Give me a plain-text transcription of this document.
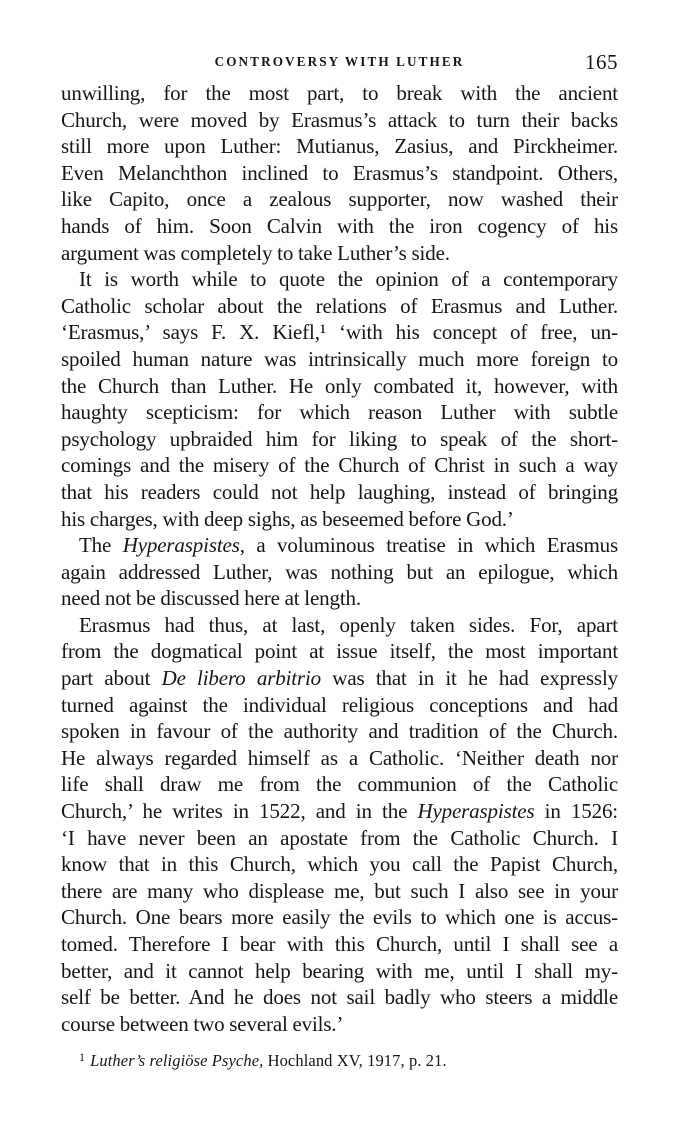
CONTROVERSY WITH LUTHER	165
unwilling, for the most part, to break with the ancient
Church, were moved by Erasmus’s attack to turn their backs
still more upon Luther: Mutianus, Zasius, and Pirckheimer.
Even Melanchthon inclined to Erasmus’s standpoint. Others,
like Capito, once a zealous supporter, now washed their
hands of him. Soon Calvin with the iron cogency of his
argument was completely to take Luther’s side.
It is worth while to quote the opinion of a contemporary
Catholic scholar about the relations of Erasmus and Luther.
‘Erasmus,’ says F. X. Kiefl,¹ ‘with his concept of free, un-
spoiled human nature was intrinsically much more foreign to
the Church than Luther. He only combated it, however, with
haughty scepticism: for which reason Luther with subtle
psychology upbraided him for liking to speak of the short-
comings and the misery of the Church of Christ in such a way
that his readers could not help laughing, instead of bringing
his charges, with deep sighs, as beseemed before God.’
The Hyperaspistes, a voluminous treatise in which Erasmus
again addressed Luther, was nothing but an epilogue, which
need not be discussed here at length.
Erasmus had thus, at last, openly taken sides. For, apart
from the dogmatical point at issue itself, the most important
part about De libero arbitrio was that in it he had expressly
turned against the individual religious conceptions and had
spoken in favour of the authority and tradition of the Church.
He always regarded himself as a Catholic. ‘Neither death nor
life shall draw me from the communion of the Catholic
Church,’ he writes in 1522, and in the Hyperaspistes in 1526:
‘I have never been an apostate from the Catholic Church. I
know that in this Church, which you call the Papist Church,
there are many who displease me, but such I also see in your
Church. One bears more easily the evils to which one is accus-
tomed. Therefore I bear with this Church, until I shall see a
better, and it cannot help bearing with me, until I shall my-
self be better. And he does not sail badly who steers a middle
course between two several evils.’
$^1$ Luther’s religiöse Psyche, Hochland XV, 1917, p. 21.
